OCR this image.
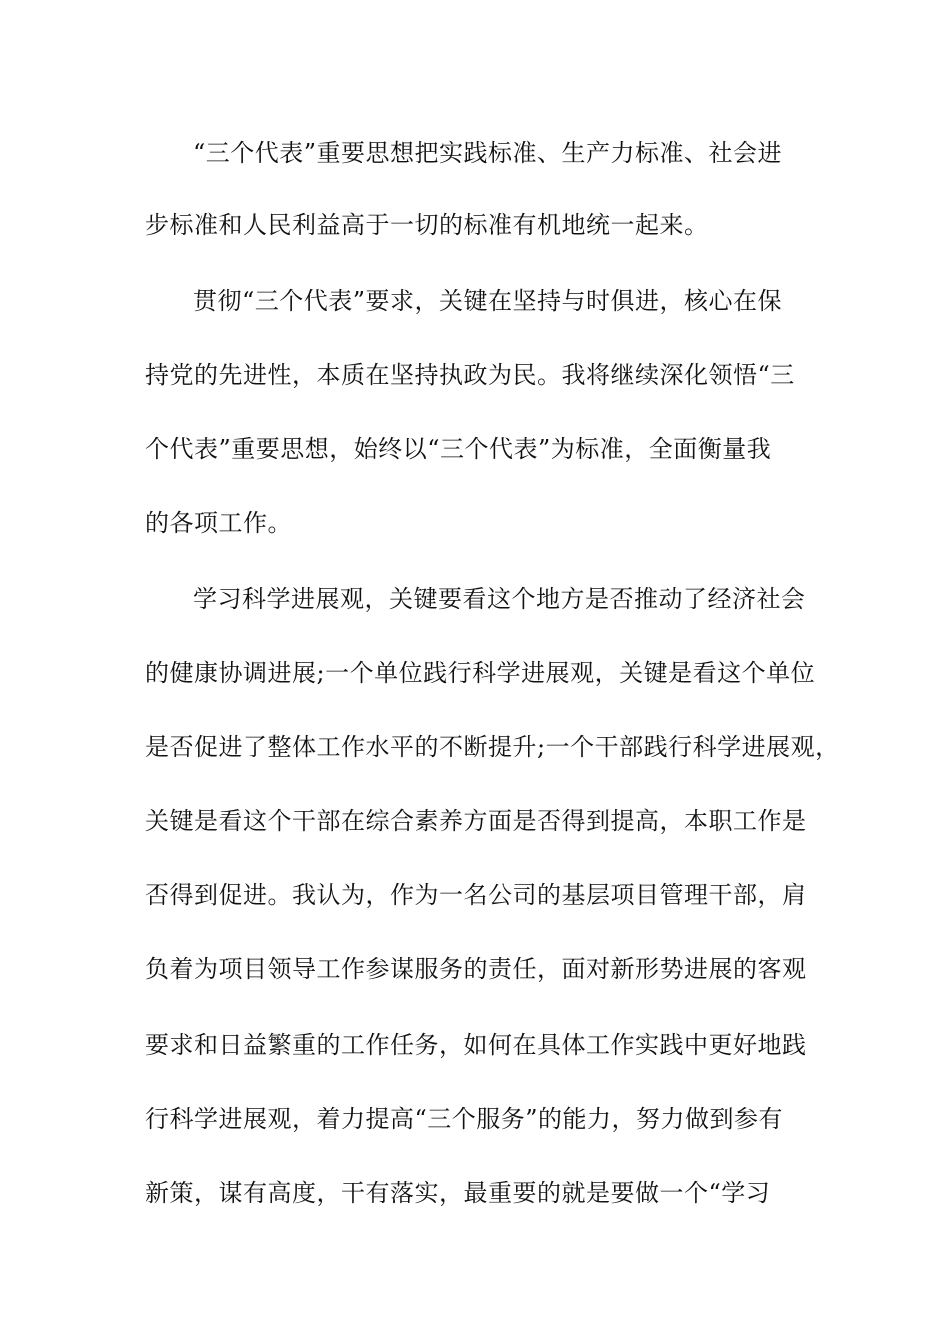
“三个代表”重要思想把实践标准、生产力标准、社会进
步标准和人民利益高于一切的标准有机地统一起来。
贯彻“三个代表”要求，关键在坚持与时俱进，核心在保
持党的先进性，本质在坚持执政为民。我将继续深化领悟“三
个代表”重要思想，始终以“三个代表”为标准，全面衡量我
的各项工作。
学习科学进展观，关键要看这个地方是否推动了经济社会
的健康协调进展;一个单位践行科学进展观，关键是看这个单位
是否促进了整体工作水平的不断提升;一个干部践行科学进展观，
关键是看这个干部在综合素养方面是否得到提高，本职工作是
否得到促进。我认为，作为一名公司的基层项目管理干部，肩
负着为项目领导工作参谋服务的责任，面对新形势进展的客观
要求和日益繁重的工作任务，如何在具体工作实践中更好地践
行科学进展观，着力提高“三个服务”的能力，努力做到参有
新策，谋有高度，干有落实，最重要的就是要做一个“学习
